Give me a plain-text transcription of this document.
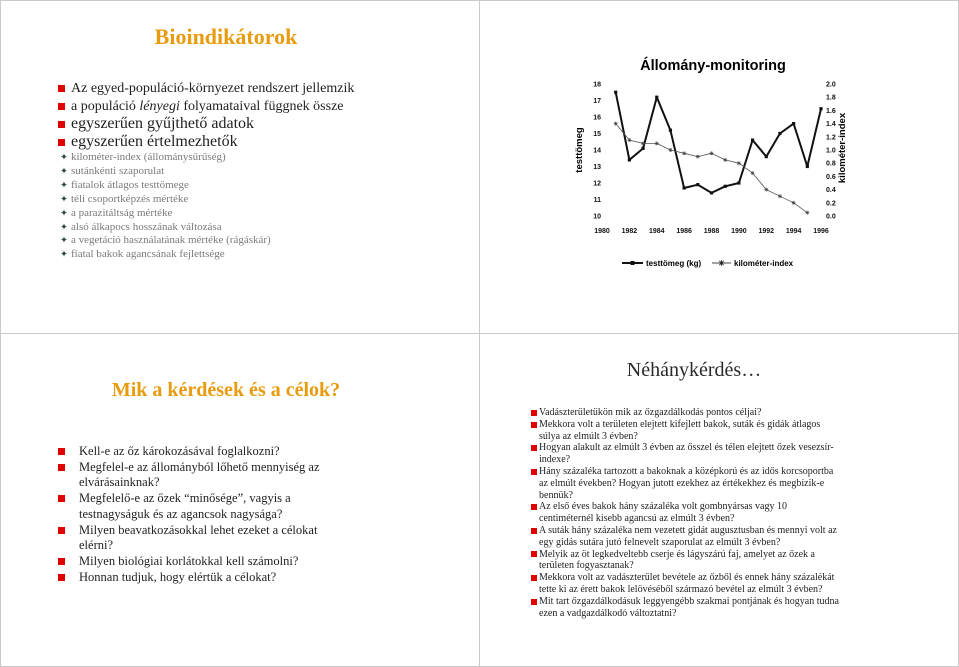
Bioindikátorok
Az egyed-populáció-környezet rendszert jellemzik
a populáció lényegi folyamataival függnek össze
egyszerűen gyűjthető adatok
egyszerűen értelmezhetők
✦ kilométer-index (állománysűrűség)
✦ sutánkénti szaporulat
✦ fiatalok átlagos testtömege
✦ téli csoportképzés mértéke
✦ a parazitáltság mértéke
✦ alsó álkapocs hosszának változása
✦ a vegetáció használatának mértéke (rágáskár)
✦ fiatal bakok agancsának fejlettsége
Állomány-monitoring
testtömeg	kilométer-index
1980 1982 1984 1986 1988 1990 1992 1994 1996
18
17
16
15
14
13
12
11
10
2.0
1.8
1.6
1.4
1.2
1.0
0.8
0.6
0.4
0.2
0.0
testtömeg (kg)	kilométer-index
Mik a kérdések és a célok?
Kell-e az őz károkozásával foglalkozni?
Megfelel-e az állományból lőhető mennyiség az
elvárásainknak?
Megfelelő-e az őzek “minősége”, vagyis a
testnagyságuk és az agancsok nagysága?
Milyen beavatkozásokkal lehet ezeket a célokat
elérni?
Milyen biológiai korlátokkal kell számolni?
Honnan tudjuk, hogy elértük a célokat?
Néhánykérdés…
Vadászterületükön mik az őzgazdálkodás pontos céljai?
Mekkora volt a területen elejtett kifejlett bakok, suták és gidák átlagos
súlya az elmúlt 3 évben?
Hogyan alakult az elmúlt 3 évben az ősszel és télen elejtett őzek vesezsír-
indexe?
Hány százaléka tartozott a bakoknak a középkorú és az idős korcsoportba
az elmúlt években? Hogyan jutott ezekhez az értékekhez és megbízik-e
bennük?
Az első éves bakok hány százaléka volt gombnyársas vagy 10
centiméternél kisebb agancsú az elmúlt 3 évben?
A suták hány százaléka nem vezetett gidát augusztusban és mennyi volt az
egy gidás sutára jutó felnevelt szaporulat az elmúlt 3 évben?
Melyik az öt legkedveltebb cserje és lágyszárú faj, amelyet az őzek a
területen fogyasztanak?
Mekkora volt az vadászterület bevétele az őzből és ennek hány százalékát
tette ki az érett bakok lelövéséből származó bevétel az elmúlt 3 évben?
Mit tart őzgazdálkodásuk leggyengébb szakmai pontjának és hogyan tudna
ezen a vadgazdálkodó változtatni?
